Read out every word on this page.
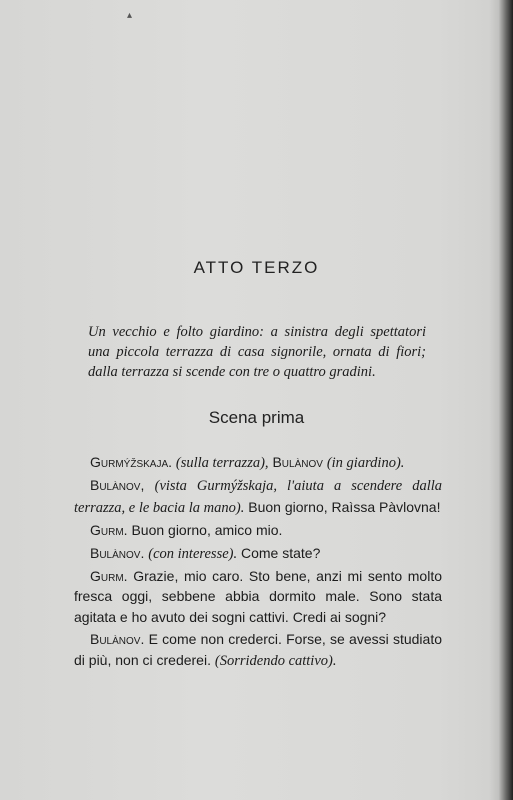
▴
ATTO TERZO
Un vecchio e folto giardino: a sinistra degli spettatori una piccola terrazza di casa signorile, ornata di fiori; dalla terrazza si scende con tre o quattro gradini.
Scena prima

Gurmýžskaja. (sulla terrazza), Bulànov (in giardino).

Bulànov, (vista Gurmýžskaja, l'aiuta a scendere dalla terrazza, e le bacia la mano). Buon giorno, Raìssa Pàvlovna!

Gurm. Buon giorno, amico mio.

Bulànov. (con interesse). Come state?

Gurm. Grazie, mio caro. Sto bene, anzi mi sento molto fresca oggi, sebbene abbia dormito male. Sono stata agitata e ho avuto dei sogni cattivi. Credi ai sogni?

Bulànov. E come non crederci. Forse, se avessi studiato di più, non ci crederei. (Sorridendo cattivo).
